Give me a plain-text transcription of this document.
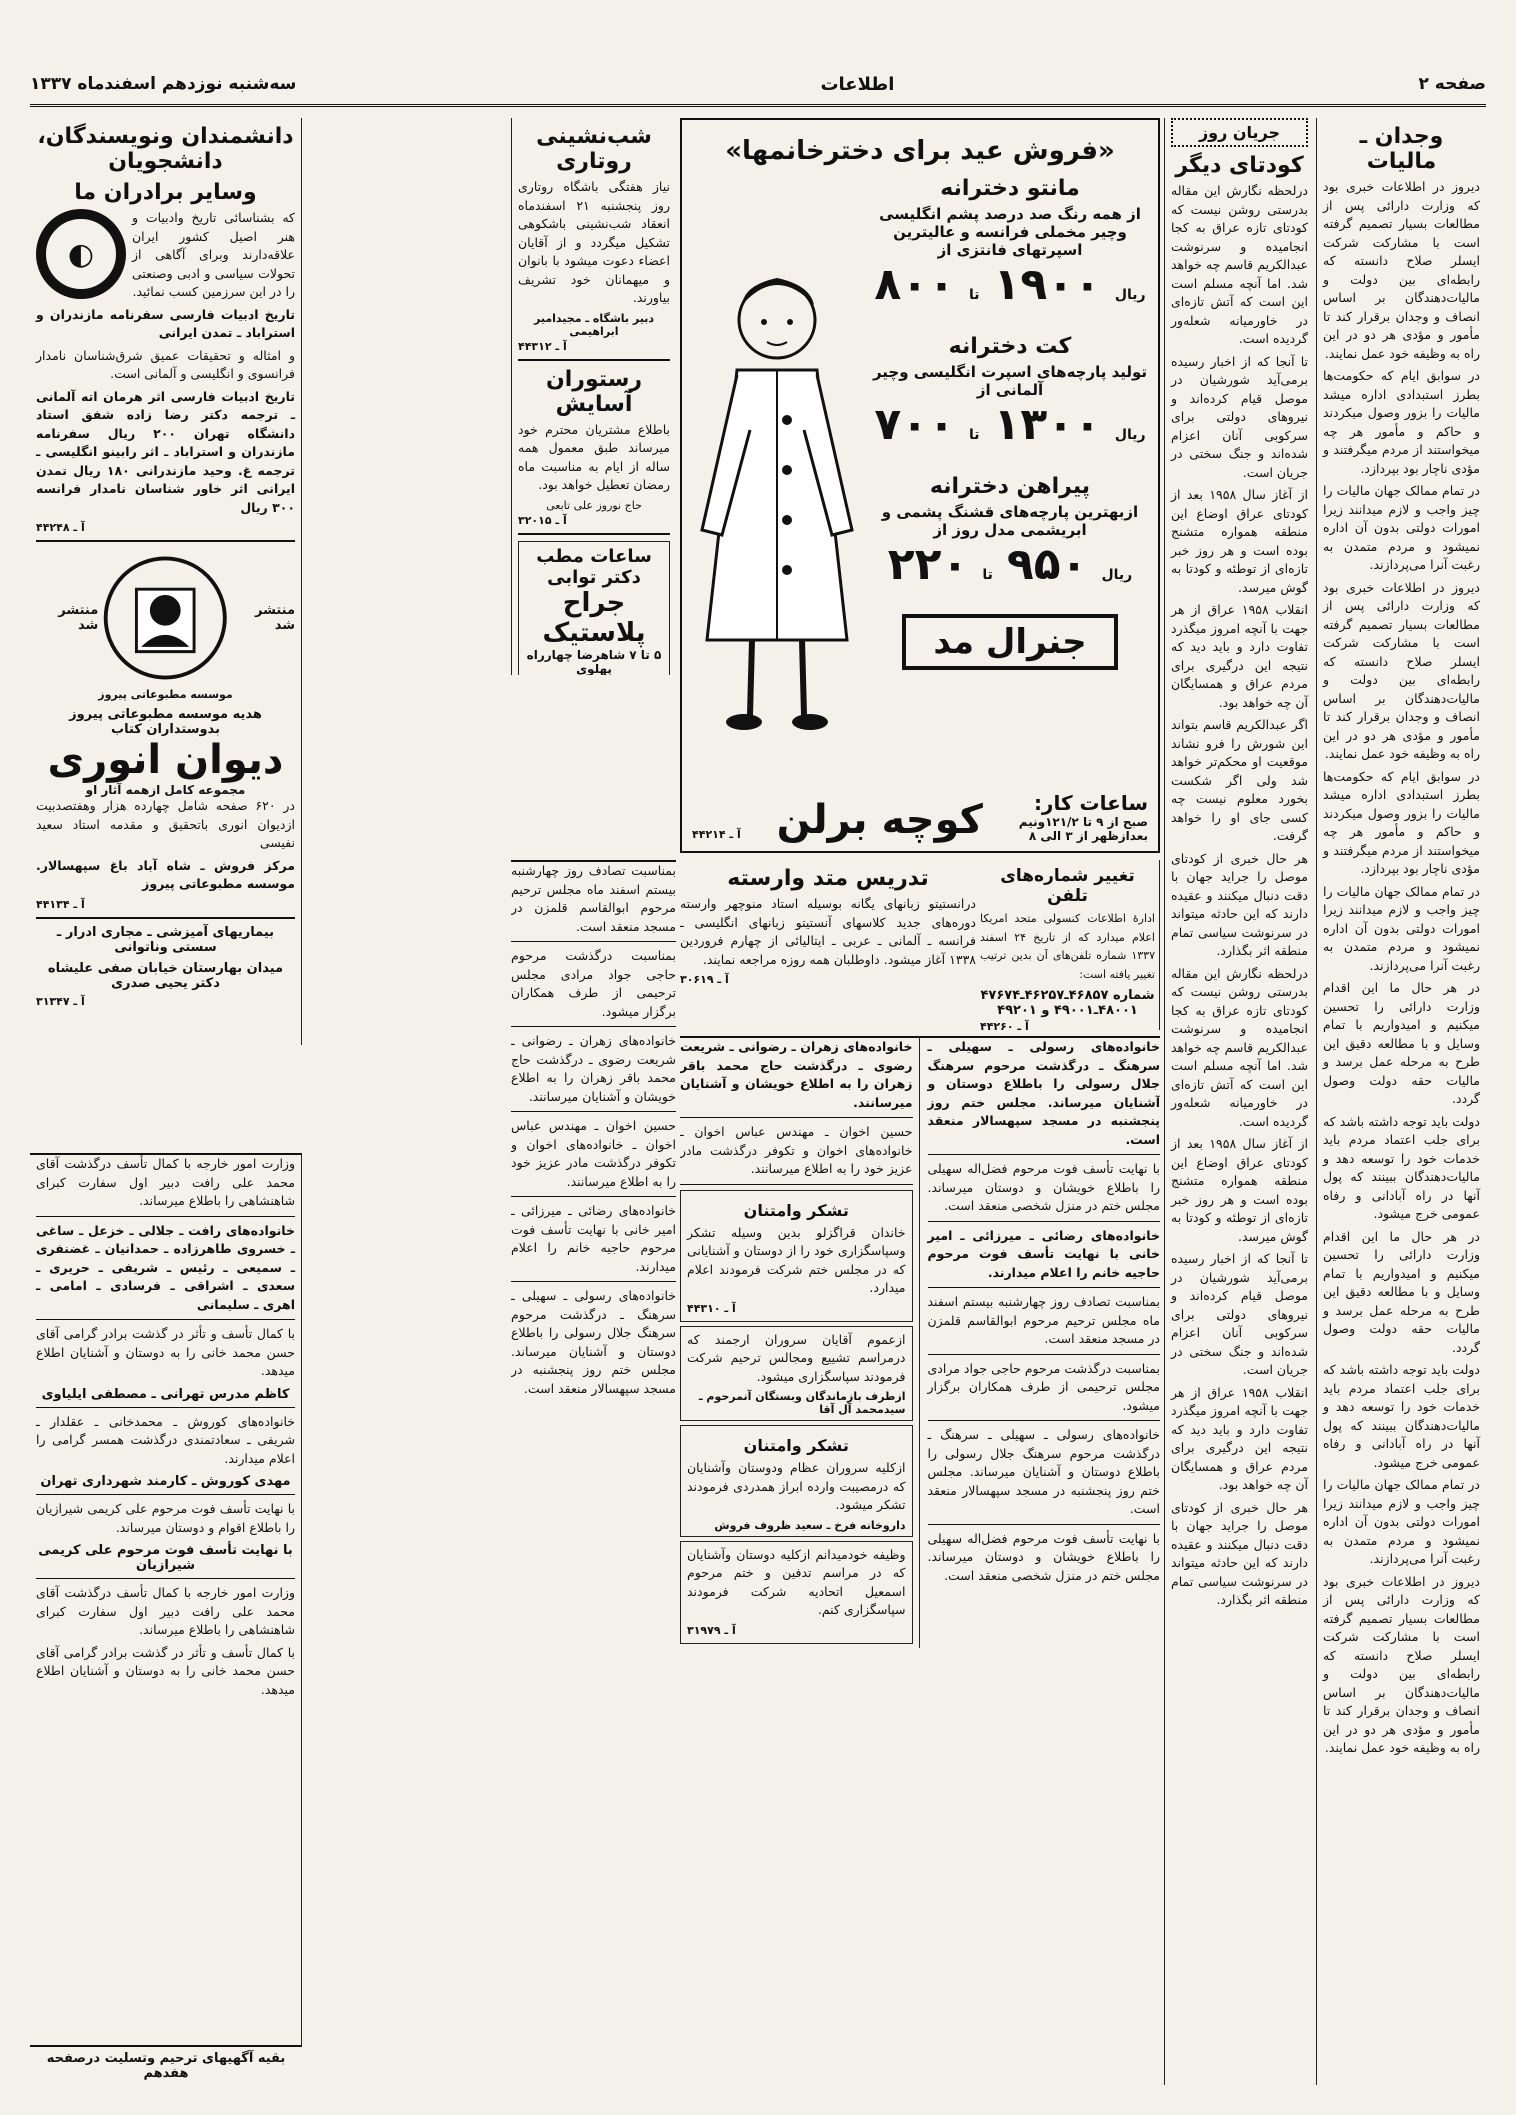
صفحه ۲
اطلاعات
سه‌شنبه نوزدهم اسفندماه ۱۳۳۷
وجدان ـ مالیات

دیروز در اطلاعات خبری بود که وزارت دارائی پس از مطالعات بسیار تصمیم گرفته است با مشارکت شرکت ایسلر صلاح دانسته که رابطه‌ای بین دولت و مالیات‌دهندگان بر اساس انصاف و وجدان برقرار کند تا مأمور و مؤدی هر دو در این راه به وظیفه خود عمل نمایند.

در سوابق ایام که حکومت‌ها بطرز استبدادی اداره میشد مالیات را بزور وصول میکردند و حاکم و مأمور هر چه میخواستند از مردم میگرفتند و مؤدی ناچار بود بپردازد.

در تمام ممالک جهان مالیات را چیز واجب و لازم میدانند زیرا امورات دولتی بدون آن اداره نمیشود و مردم متمدن به رغبت آنرا می‌پردازند.

دیروز در اطلاعات خبری بود که وزارت دارائی پس از مطالعات بسیار تصمیم گرفته است با مشارکت شرکت ایسلر صلاح دانسته که رابطه‌ای بین دولت و مالیات‌دهندگان بر اساس انصاف و وجدان برقرار کند تا مأمور و مؤدی هر دو در این راه به وظیفه خود عمل نمایند.

در سوابق ایام که حکومت‌ها بطرز استبدادی اداره میشد مالیات را بزور وصول میکردند و حاکم و مأمور هر چه میخواستند از مردم میگرفتند و مؤدی ناچار بود بپردازد.

در تمام ممالک جهان مالیات را چیز واجب و لازم میدانند زیرا امورات دولتی بدون آن اداره نمیشود و مردم متمدن به رغبت آنرا می‌پردازند.

در هر حال ما این اقدام وزارت دارائی را تحسین میکنیم و امیدواریم با تمام وسایل و با مطالعه دقیق این طرح به مرحله عمل برسد و مالیات حقه دولت وصول گردد.

دولت باید توجه داشته باشد که برای جلب اعتماد مردم باید خدمات خود را توسعه دهد و مالیات‌دهندگان ببینند که پول آنها در راه آبادانی و رفاه عمومی خرج میشود.

در هر حال ما این اقدام وزارت دارائی را تحسین میکنیم و امیدواریم با تمام وسایل و با مطالعه دقیق این طرح به مرحله عمل برسد و مالیات حقه دولت وصول گردد.

دولت باید توجه داشته باشد که برای جلب اعتماد مردم باید خدمات خود را توسعه دهد و مالیات‌دهندگان ببینند که پول آنها در راه آبادانی و رفاه عمومی خرج میشود.

در تمام ممالک جهان مالیات را چیز واجب و لازم میدانند زیرا امورات دولتی بدون آن اداره نمیشود و مردم متمدن به رغبت آنرا می‌پردازند.

دیروز در اطلاعات خبری بود که وزارت دارائی پس از مطالعات بسیار تصمیم گرفته است با مشارکت شرکت ایسلر صلاح دانسته که رابطه‌ای بین دولت و مالیات‌دهندگان بر اساس انصاف و وجدان برقرار کند تا مأمور و مؤدی هر دو در این راه به وظیفه خود عمل نمایند.

جریان روز
کودتای دیگر

درلحظه نگارش این مقاله بدرستی روشن نیست که کودتای تازه عراق به کجا انجامیده و سرنوشت عبدالکریم قاسم چه خواهد شد. اما آنچه مسلم است این است که آتش تازه‌ای در خاورمیانه شعله‌ور گردیده است.

تا آنجا که از اخبار رسیده برمی‌آید شورشیان در موصل قیام کرده‌اند و نیروهای دولتی برای سرکوبی آنان اعزام شده‌اند و جنگ سختی در جریان است.

از آغاز سال ۱۹۵۸ بعد از کودتای عراق اوضاع این منطقه همواره متشنج بوده است و هر روز خبر تازه‌ای از توطئه و کودتا به گوش میرسد.

انقلاب ۱۹۵۸ عراق از هر جهت با آنچه امروز میگذرد تفاوت دارد و باید دید که نتیجه این درگیری برای مردم عراق و همسایگان آن چه خواهد بود.

اگر عبدالکریم قاسم بتواند این شورش را فرو نشاند موقعیت او محکم‌تر خواهد شد ولی اگر شکست بخورد معلوم نیست چه کسی جای او را خواهد گرفت.

هر حال خبری از کودتای موصل را جراید جهان با دقت دنبال میکنند و عقیده دارند که این حادثه میتواند در سرنوشت سیاسی تمام منطقه اثر بگذارد.

درلحظه نگارش این مقاله بدرستی روشن نیست که کودتای تازه عراق به کجا انجامیده و سرنوشت عبدالکریم قاسم چه خواهد شد. اما آنچه مسلم است این است که آتش تازه‌ای در خاورمیانه شعله‌ور گردیده است.

از آغاز سال ۱۹۵۸ بعد از کودتای عراق اوضاع این منطقه همواره متشنج بوده است و هر روز خبر تازه‌ای از توطئه و کودتا به گوش میرسد.

تا آنجا که از اخبار رسیده برمی‌آید شورشیان در موصل قیام کرده‌اند و نیروهای دولتی برای سرکوبی آنان اعزام شده‌اند و جنگ سختی در جریان است.

انقلاب ۱۹۵۸ عراق از هر جهت با آنچه امروز میگذرد تفاوت دارد و باید دید که نتیجه این درگیری برای مردم عراق و همسایگان آن چه خواهد بود.

هر حال خبری از کودتای موصل را جراید جهان با دقت دنبال میکنند و عقیده دارند که این حادثه میتواند در سرنوشت سیاسی تمام منطقه اثر بگذارد.

«فروش عید برای دخترخانمها»
مانتو دخترانه
از همه رنگ صد درصد پشم انگلیسی وچیر مخملی فرانسه و عالیترین اسپرتهای فانتزی از
ریال
۱۹۰۰
تا
۸۰۰
کت دخترانه
تولید پارچه‌های اسپرت انگلیسی وچیر آلمانی از
ریال
۱۳۰۰
تا
۷۰۰
پیراهن دخترانه
ازبهترین پارچه‌های قشنگ پشمی و ابریشمی مدل روز از
ریال
۹۵۰
تا
۲۲۰
جنرال مد
ساعات کار:
صبح از ۹ تا ۱۲۱/۲ونیم
بعدازظهر از ۳ الی ۸
کوچه برلن
آ ـ ۴۴۲۱۴
شب‌نشینی روتاری

نیاز هفتگی باشگاه روتاری روز پنجشنبه ۲۱ اسفندماه انعقاد شب‌نشینی باشکوهی تشکیل میگردد و از آقایان اعضاء دعوت میشود با بانوان و میهمانان خود تشریف بیاورند.

دبیر باشگاه ـ مجیدامیر ابراهیمی
آ ـ ۴۴۳۱۲
رستوران آسایش

باطلاع مشتریان محترم خود میرساند طبق معمول همه ساله از ایام به مناسبت ماه رمضان تعطیل خواهد بود.

حاج نوروز علی تابعی
آ ـ ۳۲۰۱۵
ساعات مطب دکتر توابی
جراح پلاستیک
۵ تا ۷ شاهرضا چهارراه پهلوی

دانشمندان ونویسندگان، دانشجویان
وسایر برادران ما

که بشناسائی تاریخ وادبیات و هنر اصیل کشور ایران علاقه‌دارند وبرای آگاهی از تحولات سیاسی و ادبی وصنعتی را در این سرزمین کسب نمائید.

◐

تاریخ ادبیات فارسی سفرنامه مازندران و استراباد ـ تمدن ایرانی

و امثاله و تحقیقات عمیق شرق‌شناسان نامدار فرانسوی و انگلیسی و آلمانی است.

تاریخ ادبیات فارسی اثر هرمان اته آلمانی ـ ترجمه دکتر رضا زاده شفق استاد دانشگاه تهران ۲۰۰ ریال سفرنامه مازندران و استراباد ـ اثر رابینو انگلیسی ـ ترجمه غ. وحید مازندرانی ۱۸۰ ریال تمدن ایرانی اثر خاور شناسان نامدار فرانسه ۳۰۰ ریال

آ ـ ۴۴۲۴۸
منتشر شد
منتشر شد
موسسه مطبوعاتی پیروز
هدیه موسسه مطبوعاتی پیروز بدوستداران کتاب
دیوان انوری
مجموعه کامل ازهمه آثار او

در ۶۲۰ صفحه شامل چهارده هزار وهفتصدبیت ازدیوان انوری باتحقیق و مقدمه استاد سعید نفیسی

مرکز فروش ـ شاه آباد باغ سپهسالار. موسسه مطبوعاتی پیروز

آ ـ ۴۴۱۳۴
بیماریهای آمیزشی ـ مجاری ادرار ـ سستی وناتوانی
میدان بهارستان خیابان صفی علیشاه دکتر یحیی صدری
آ ـ ۳۱۳۴۷
تدریس متد وارسته

درانستیتو زبانهای یگانه بوسیله استاد منوچهر وارسته دوره‌های جدید کلاسهای آنستیتو زبانهای انگلیسی ـ فرانسه ـ آلمانی ـ عربی ـ ایتالیائی از چهارم فروردین ۱۳۳۸ آغاز میشود. داوطلبان همه روزه مراجعه نمایند.

آ ـ ۳۰۶۱۹
تغییر شماره‌های تلفن

ادارهٔ اطلاعات کنسولی متحد امریکا اعلام میدارد که از تاریخ ۲۴ اسفند ۱۳۳۷ شماره تلفن‌های آن بدین ترتیب تغییر یافته است:

شماره ۴۶۸۵۷ـ۴۶۲۵۷ـ۴۷۶۷۴
۴۸۰۰۱ـ۴۹۰۰۱ و ۴۹۲۰۱
آ ـ ۴۴۲۶۰

خانواده‌های رسولی ـ سهیلی ـ سرهنگ ـ درگذشت مرحوم سرهنگ جلال رسولی را باطلاع دوستان و آشنایان میرساند. مجلس ختم روز پنجشنبه در مسجد سپهسالار منعقد است.

با نهایت تأسف فوت مرحوم فضل‌اله سهیلی را باطلاع خویشان و دوستان میرساند. مجلس ختم در منزل شخصی منعقد است.

خانواده‌های رضائی ـ میرزائی ـ امیر خانی با نهایت تأسف فوت مرحوم حاجیه خانم را اعلام میدارند.

بمناسبت تصادف روز چهارشنبه بیستم اسفند ماه مجلس ترحیم مرحوم ابوالقاسم قلمزن در مسجد منعقد است.

بمناسبت درگذشت مرحوم حاجی جواد مرادی مجلس ترحیمی از طرف همکاران برگزار میشود.

خانواده‌های رسولی ـ سهیلی ـ سرهنگ ـ درگذشت مرحوم سرهنگ جلال رسولی را باطلاع دوستان و آشنایان میرساند. مجلس ختم روز پنجشنبه در مسجد سپهسالار منعقد است.

با نهایت تأسف فوت مرحوم فضل‌اله سهیلی را باطلاع خویشان و دوستان میرساند. مجلس ختم در منزل شخصی منعقد است.

خانواده‌های زهران ـ رضوانی ـ شریعت رضوی ـ درگذشت حاج محمد باقر زهران را به اطلاع خویشان و آشنایان میرسانند.

حسین اخوان ـ مهندس عباس اخوان ـ خانواده‌های اخوان و تکوفر درگذشت مادر عزیز خود را به اطلاع میرسانند.

تشکر وامتنان

خاندان قراگزلو بدین وسیله تشکر وسپاسگزاری خود را از دوستان و آشنایانی که در مجلس ختم شرکت فرمودند اعلام میدارد.

آ ـ ۴۴۳۱۰

ازعموم آقایان سروران ارجمند که درمراسم تشییع ومجالس ترحیم شرکت فرمودند سپاسگزاری میشود.

ازطرف بازماندگان وبستگان آنمرحوم ـ سیدمحمد آل آقا
تشکر وامتنان

ازکلیه سروران عظام ودوستان وآشنایان که درمصیبت وارده ابراز همدردی فرمودند تشکر میشود.

داروخانه فرخ ـ سعید ظروف فروش

وظیفه خودمیدانم ازکلیه دوستان وآشنایان که در مراسم تدفین و ختم مرحوم اسمعیل اتحادیه شرکت فرمودند سپاسگزاری کنم.

آ ـ ۳۱۹۷۹

بمناسبت تصادف روز چهارشنبه بیستم اسفند ماه مجلس ترحیم مرحوم ابوالقاسم قلمزن در مسجد منعقد است.

بمناسبت درگذشت مرحوم حاجی جواد مرادی مجلس ترحیمی از طرف همکاران برگزار میشود.

خانواده‌های زهران ـ رضوانی ـ شریعت رضوی ـ درگذشت حاج محمد باقر زهران را به اطلاع خویشان و آشنایان میرسانند.

حسین اخوان ـ مهندس عباس اخوان ـ خانواده‌های اخوان و تکوفر درگذشت مادر عزیز خود را به اطلاع میرسانند.

خانواده‌های رضائی ـ میرزائی ـ امیر خانی با نهایت تأسف فوت مرحوم حاجیه خانم را اعلام میدارند.

خانواده‌های رسولی ـ سهیلی ـ سرهنگ ـ درگذشت مرحوم سرهنگ جلال رسولی را باطلاع دوستان و آشنایان میرساند. مجلس ختم روز پنجشنبه در مسجد سپهسالار منعقد است.

وزارت امور خارجه با کمال تأسف درگذشت آقای محمد علی رافت دبیر اول سفارت کبرای شاهنشاهی را باطلاع میرساند.

خانواده‌های رافت ـ جلالی ـ خزعل ـ ساغی ـ خسروی طاهرزاده ـ حمدانیان ـ غضنفری ـ سمیعی ـ رئیس ـ شریفی ـ حریری ـ سعدی ـ اشراقی ـ فرسادی ـ امامی ـ اهری ـ سلیمانی

با کمال تأسف و تأثر در گذشت برادر گرامی آقای حسن محمد خانی را به دوستان و آشنایان اطلاع میدهد.

کاظم مدرس تهرانی ـ مصطفی ایلیاوی

خانواده‌های کوروش ـ محمدخانی ـ عقلدار ـ شریفی ـ سعادتمندی درگذشت همسر گرامی را اعلام میدارند.

مهدی کوروش ـ کارمند شهرداری تهران

با نهایت تأسف فوت مرحوم علی کریمی شیرازیان را باطلاع اقوام و دوستان میرساند.

با نهایت تأسف فوت مرحوم علی کریمی شیرازیان

وزارت امور خارجه با کمال تأسف درگذشت آقای محمد علی رافت دبیر اول سفارت کبرای شاهنشاهی را باطلاع میرساند.

با کمال تأسف و تأثر در گذشت برادر گرامی آقای حسن محمد خانی را به دوستان و آشنایان اطلاع میدهد.

بقیه آگهیهای ترحیم وتسلیت درصفحه هفدهم
